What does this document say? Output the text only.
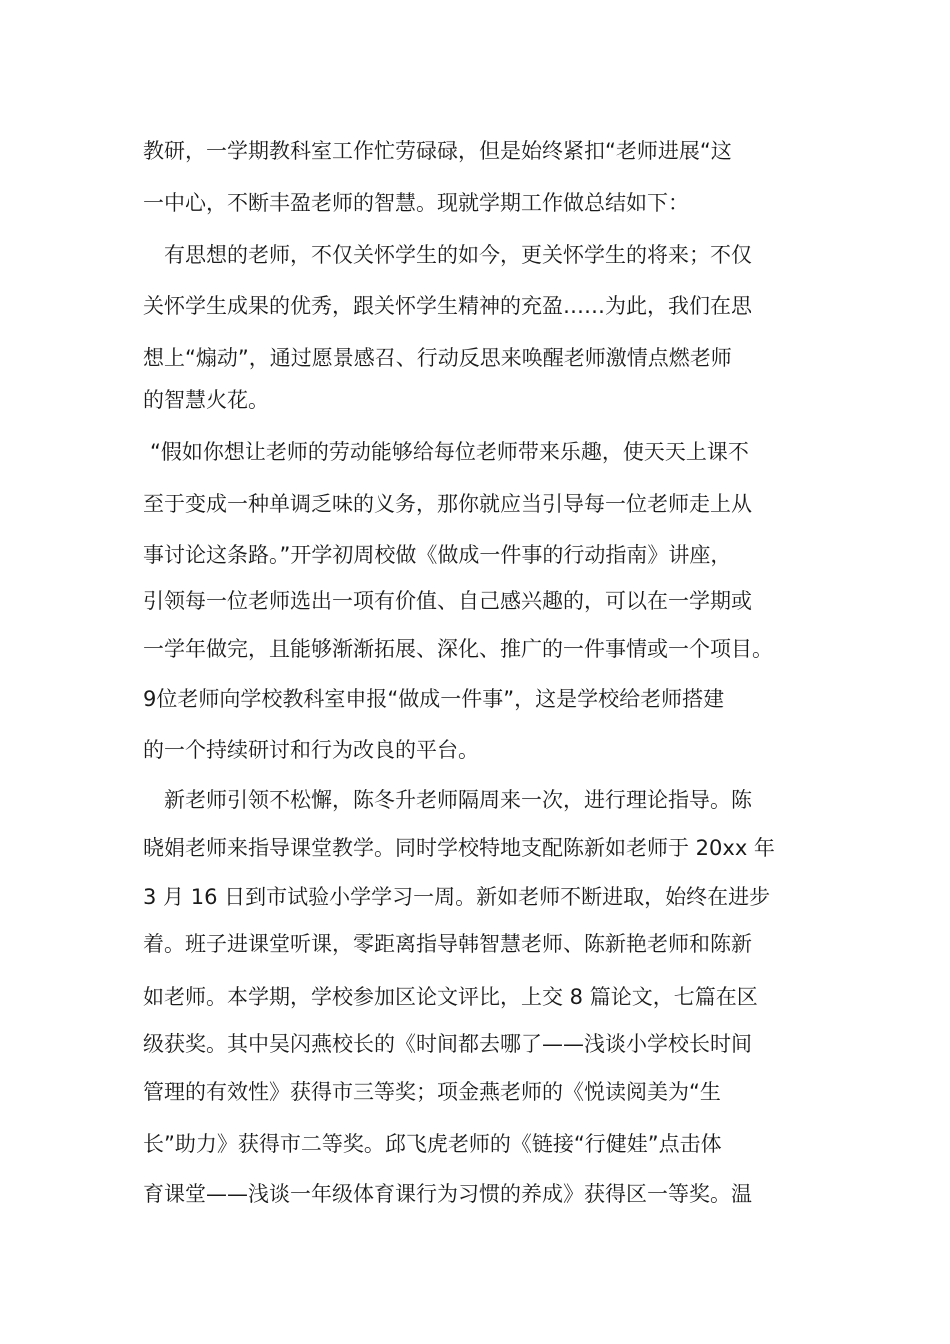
教研，一学期教科室工作忙劳碌碌，但是始终紧扣“老师进展“这

一中心，不断丰盈老师的智慧。现就学期工作做总结如下：

有思想的老师，不仅关怀学生的如今，更关怀学生的将来；不仅

关怀学生成果的优秀，跟关怀学生精神的充盈……为此，我们在思

想上“煽动”，通过愿景感召、行动反思来唤醒老师激情点燃老师

的智慧火花。

“假如你想让老师的劳动能够给每位老师带来乐趣，使天天上课不

至于变成一种单调乏味的义务，那你就应当引导每一位老师走上从

事讨论这条路。”开学初周校做《做成一件事的行动指南》讲座，

引领每一位老师选出一项有价值、自己感兴趣的，可以在一学期或

一学年做完，且能够渐渐拓展、深化、推广的一件事情或一个项目。

9位老师向学校教科室申报“做成一件事”，这是学校给老师搭建

的一个持续研讨和行为改良的平台。

新老师引领不松懈，陈冬升老师隔周来一次，进行理论指导。陈

晓娟老师来指导课堂教学。同时学校特地支配陈新如老师于 20xx 年

3 月 16 日到市试验小学学习一周。新如老师不断进取，始终在进步

着。班子进课堂听课，零距离指导韩智慧老师、陈新艳老师和陈新

如老师。本学期，学校参加区论文评比，上交 8 篇论文，七篇在区

级获奖。其中吴闪燕校长的《时间都去哪了——浅谈小学校长时间

管理的有效性》获得市三等奖；项金燕老师的《悦读阅美为“生

长”助力》获得市二等奖。邱飞虎老师的《链接“行健娃”点击体

育课堂——浅谈一年级体育课行为习惯的养成》获得区一等奖。温
